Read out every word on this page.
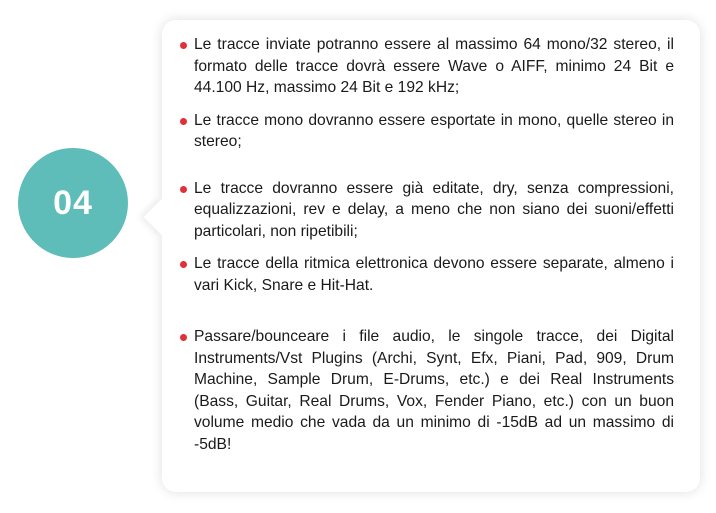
04
Le tracce inviate potranno essere al massimo 64 mono/32 stereo, il formato delle tracce dovrà essere Wave o AIFF, minimo 24 Bit e 44.100 Hz, massimo 24 Bit e 192 kHz;
Le tracce mono dovranno essere esportate in mono, quelle stereo in stereo;
Le tracce dovranno essere già editate, dry, senza compressioni, equalizzazioni, rev e delay, a meno che non siano dei suoni/effetti particolari, non ripetibili;
Le tracce della ritmica elettronica devono essere separate, almeno i vari Kick, Snare e Hit-Hat.
Passare/bounceare i file audio, le singole tracce, dei Digital Instruments/Vst Plugins (Archi, Synt, Efx, Piani, Pad, 909, Drum Machine, Sample Drum, E-Drums, etc.) e dei Real Instruments (Bass, Guitar, Real Drums, Vox, Fender Piano, etc.) con un buon volume medio che vada da un minimo di -15dB ad un massimo di -5dB!
